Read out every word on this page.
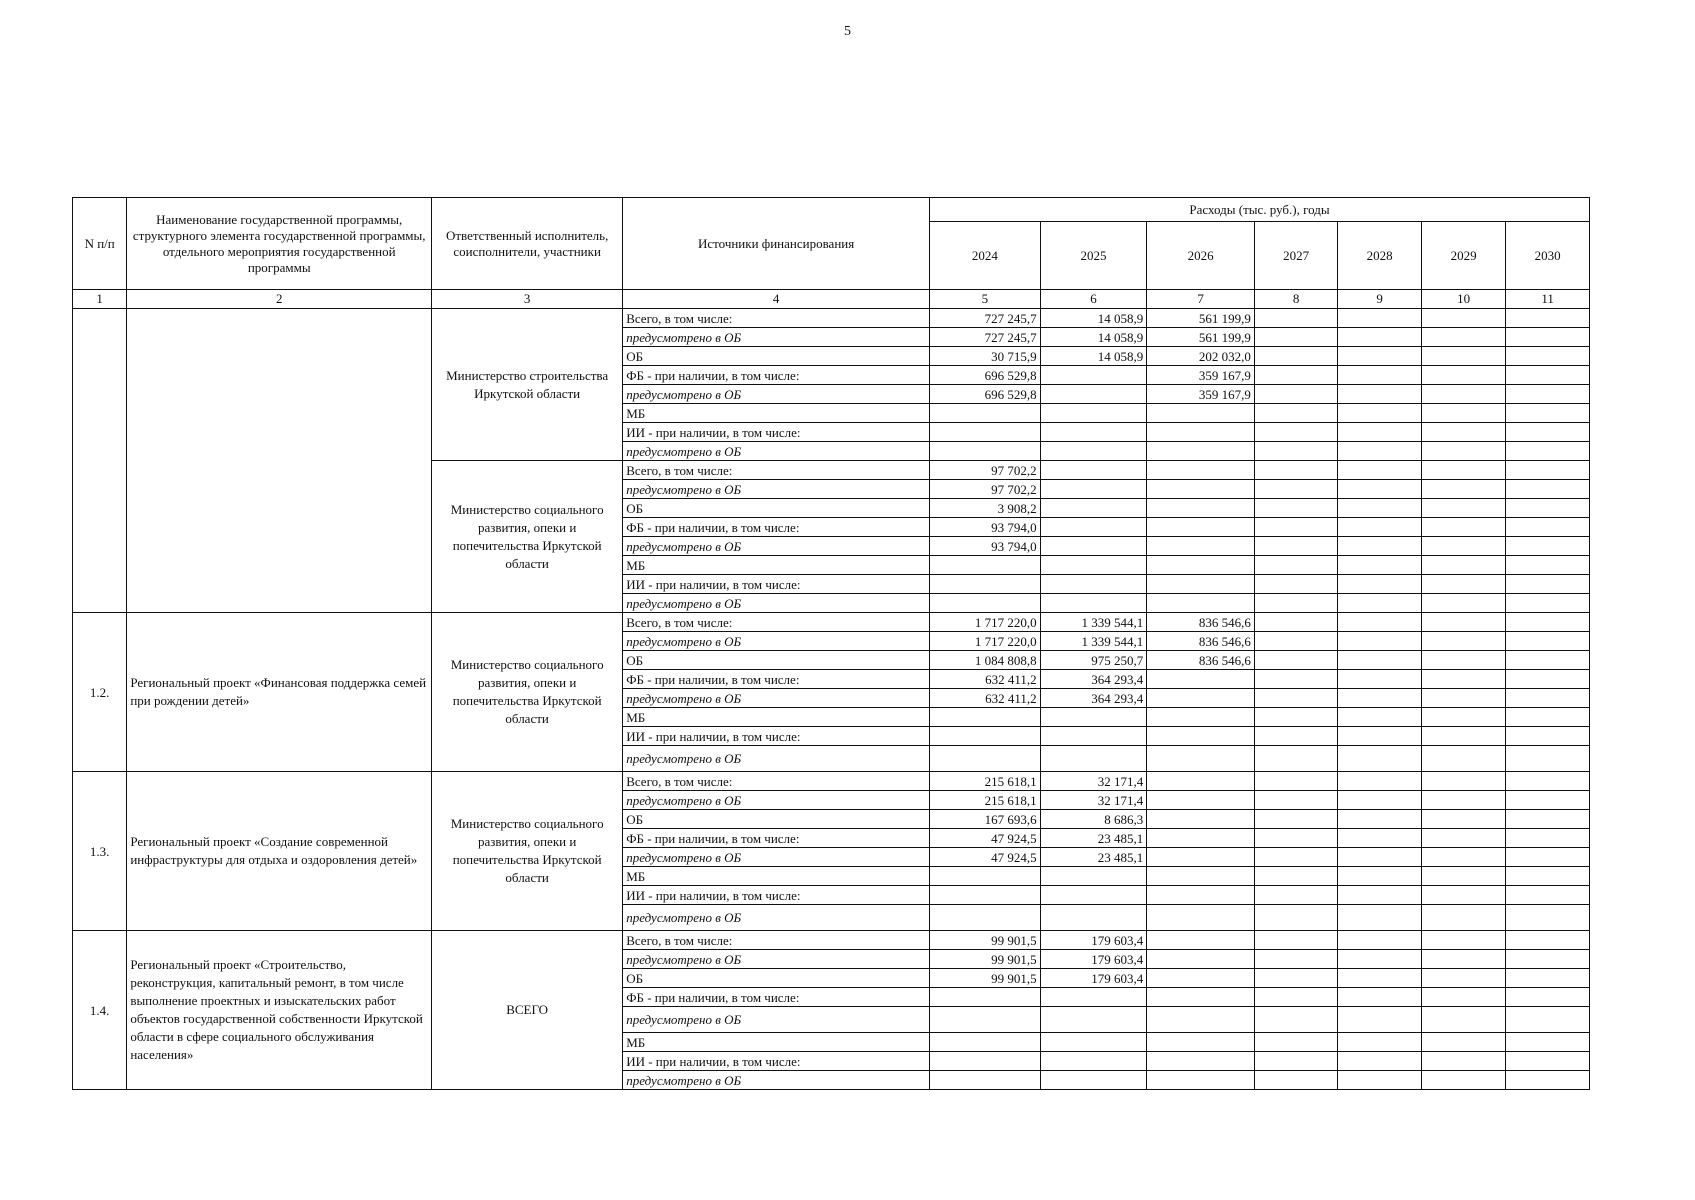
5
N п/п	Наименование государственной программы, структурного элемента государственной программы, отдельного мероприятия государственной программы	Ответственный исполнитель, соисполнители, участники	Источники финансирования	Расходы (тыс. руб.), годы						
				2024	2025	2026	2027	2028	2029	2030
1	2	3	4	5	6	7	8	9	10	11
		Министерство строительства Иркутской области	Всего, в том числе:	727 245,7	14 058,9	561 199,9				
			предусмотрено в ОБ	727 245,7	14 058,9	561 199,9				
			ОБ	30 715,9	14 058,9	202 032,0				
			ФБ - при наличии, в том числе:	696 529,8		359 167,9				
			предусмотрено в ОБ	696 529,8		359 167,9				
			МБ							
			ИИ - при наличии, в том числе:							
			предусмотрено в ОБ							
		Министерство социального развития, опеки и попечительства Иркутской области	Всего, в том числе:	97 702,2						
			предусмотрено в ОБ	97 702,2						
			ОБ	3 908,2						
			ФБ - при наличии, в том числе:	93 794,0						
			предусмотрено в ОБ	93 794,0						
			МБ							
			ИИ - при наличии, в том числе:							
			предусмотрено в ОБ							
1.2.	Региональный проект «Финансовая поддержка семей при рождении детей»	Министерство социального развития, опеки и попечительства Иркутской области	Всего, в том числе:	1 717 220,0	1 339 544,1	836 546,6				
			предусмотрено в ОБ	1 717 220,0	1 339 544,1	836 546,6				
			ОБ	1 084 808,8	975 250,7	836 546,6				
			ФБ - при наличии, в том числе:	632 411,2	364 293,4					
			предусмотрено в ОБ	632 411,2	364 293,4					
			МБ							
			ИИ - при наличии, в том числе:							
			предусмотрено в ОБ							
1.3.	Региональный проект «Создание современной инфраструктуры для отдыха и оздоровления детей»	Министерство социального развития, опеки и попечительства Иркутской области	Всего, в том числе:	215 618,1	32 171,4					
			предусмотрено в ОБ	215 618,1	32 171,4					
			ОБ	167 693,6	8 686,3					
			ФБ - при наличии, в том числе:	47 924,5	23 485,1					
			предусмотрено в ОБ	47 924,5	23 485,1					
			МБ							
			ИИ - при наличии, в том числе:							
			предусмотрено в ОБ							
1.4.	Региональный проект «Строительство, реконструкция, капитальный ремонт, в том числе выполнение проектных и изыскательских работ объектов государственной собственности Иркутской области в сфере социального обслуживания населения»	ВСЕГО	Всего, в том числе:	99 901,5	179 603,4					
			предусмотрено в ОБ	99 901,5	179 603,4					
			ОБ	99 901,5	179 603,4					
			ФБ - при наличии, в том числе:							
			предусмотрено в ОБ							
			МБ							
			ИИ - при наличии, в том числе:							
			предусмотрено в ОБ							
